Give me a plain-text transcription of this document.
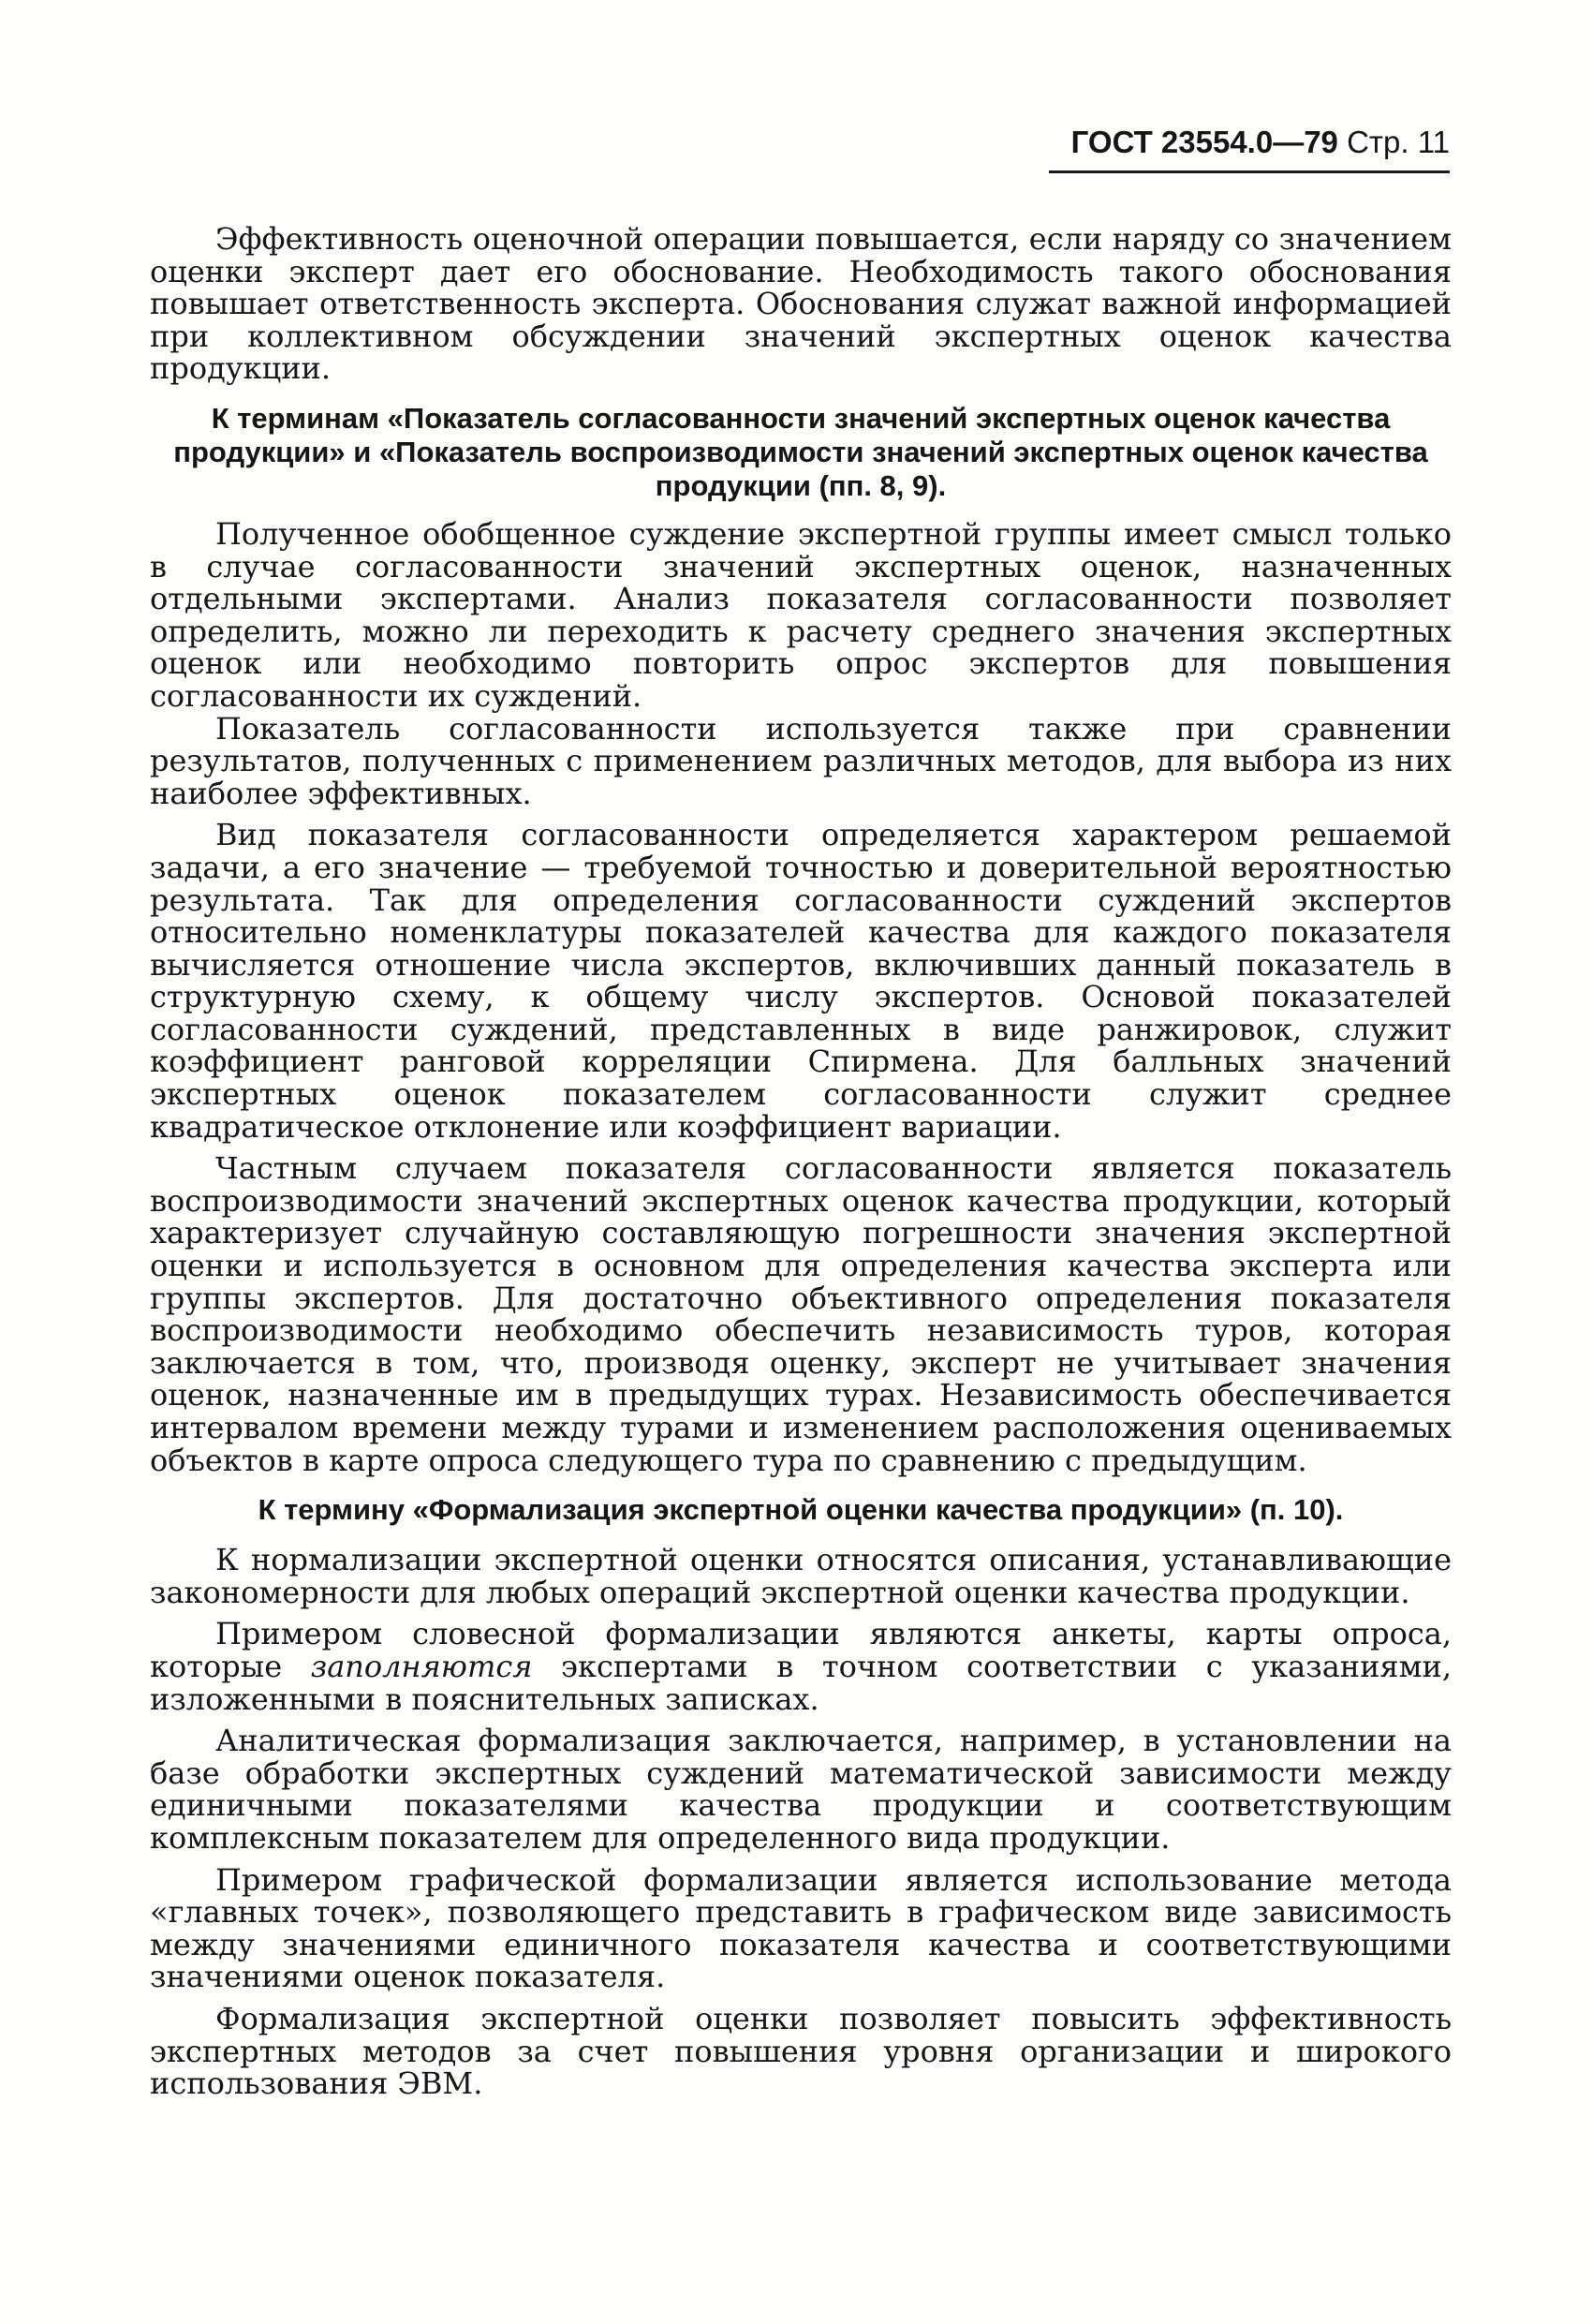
ГОСТ 23554.0—79 Стр. 11

Эффективность оценочной операции повышается, если наряду со значением оценки эксперт дает его обоснование. Необходимость такого обоснования повышает ответственность эксперта. Обоснования служат важной информацией при коллективном обсуждении значений экспертных оценок качества продукции.

К терминам «Показатель согласованности значений экспертных оценок качества продукции» и «Показатель воспроизводимости значений экспертных оценок качества продукции (пп. 8, 9).

Полученное обобщенное суждение экспертной группы имеет смысл только в случае согласованности значений экспертных оценок, назначенных отдельными экспертами. Анализ показателя согласованности позволяет определить, можно ли переходить к расчету среднего значения экспертных оценок или необходимо повторить опрос экспертов для повышения согласованности их суждений.

Показатель согласованности используется также при сравнении результатов, полученных с применением различных методов, для выбора из них наиболее эффективных.

Вид показателя согласованности определяется характером решаемой задачи, а его значение — требуемой точностью и доверительной вероятностью результата. Так для определения согласованности суждений экспертов относительно номенклатуры показателей качества для каждого показателя вычисляется отношение числа экспертов, включивших данный показатель в структурную схему, к общему числу экспертов. Основой показателей согласованности суждений, представленных в виде ранжировок, служит коэффициент ранговой корреляции Спирмена. Для балльных значений экспертных оценок показателем согласованности служит среднее квадратическое отклонение или коэффициент вариации.

Частным случаем показателя согласованности является показатель воспроизводимости значений экспертных оценок качества продукции, который характеризует случайную составляющую погрешности значения экспертной оценки и используется в основном для определения качества эксперта или группы экспертов. Для достаточно объективного определения показателя воспроизводимости необходимо обеспечить независимость туров, которая заключается в том, что, производя оценку, эксперт не учитывает значения оценок, назначенные им в предыдущих турах. Независимость обеспечивается интервалом времени между турами и изменением расположения оцениваемых объектов в карте опроса следующего тура по сравнению с предыдущим.

К термину «Формализация экспертной оценки качества продукции» (п. 10).

К нормализации экспертной оценки относятся описания, устанавливающие закономерности для любых операций экспертной оценки качества продукции.

Примером словесной формализации являются анкеты, карты опроса, которые заполняются экспертами в точном соответствии с указаниями, изложенными в пояснительных записках.

Аналитическая формализация заключается, например, в установлении на базе обработки экспертных суждений математической зависимости между единичными показателями качества продукции и соответствующим комплексным показателем для определенного вида продукции.

Примером графической формализации является использование метода «главных точек», позволяющего представить в графическом виде зависимость между значениями единичного показателя качества и соответствующими значениями оценок показателя.

Формализация экспертной оценки позволяет повысить эффективность экспертных методов за счет повышения уровня организации и широкого использования ЭВМ.
